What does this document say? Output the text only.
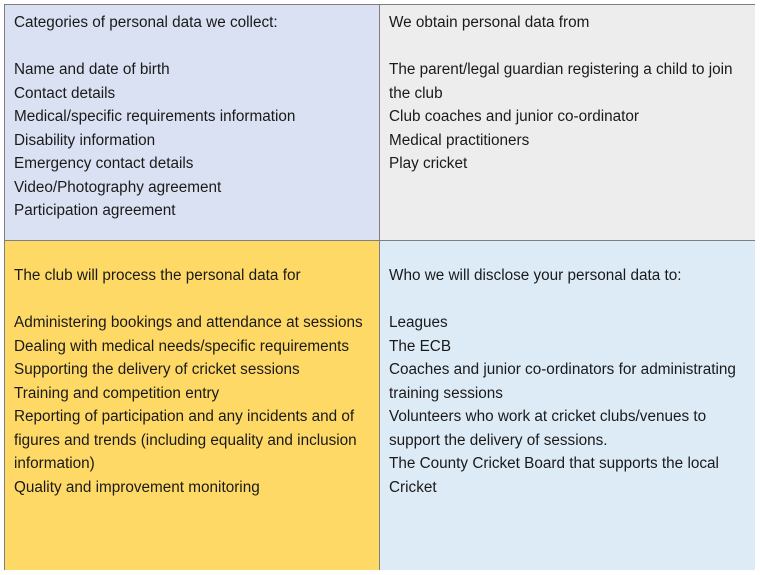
Categories of personal data we collect:

Name and date of birth
Contact details
Medical/specific requirements information
Disability information
Emergency contact details
Video/Photography agreement
Participation agreement

We obtain personal data from

The parent/legal guardian registering a child to join the club
Club coaches and junior co-ordinator
Medical practitioners
Play cricket

The club will process the personal data for

Administering bookings and attendance at sessions
Dealing with medical needs/specific requirements
Supporting the delivery of cricket sessions
Training and competition entry
Reporting of participation and any incidents and of figures and trends (including equality and inclusion information)
Quality and improvement monitoring

Who we will disclose your personal data to:

Leagues
The ECB
Coaches and junior co-ordinators for administrating training sessions
Volunteers who work at cricket clubs/venues to support the delivery of sessions.
The County Cricket Board that supports the local Cricket
